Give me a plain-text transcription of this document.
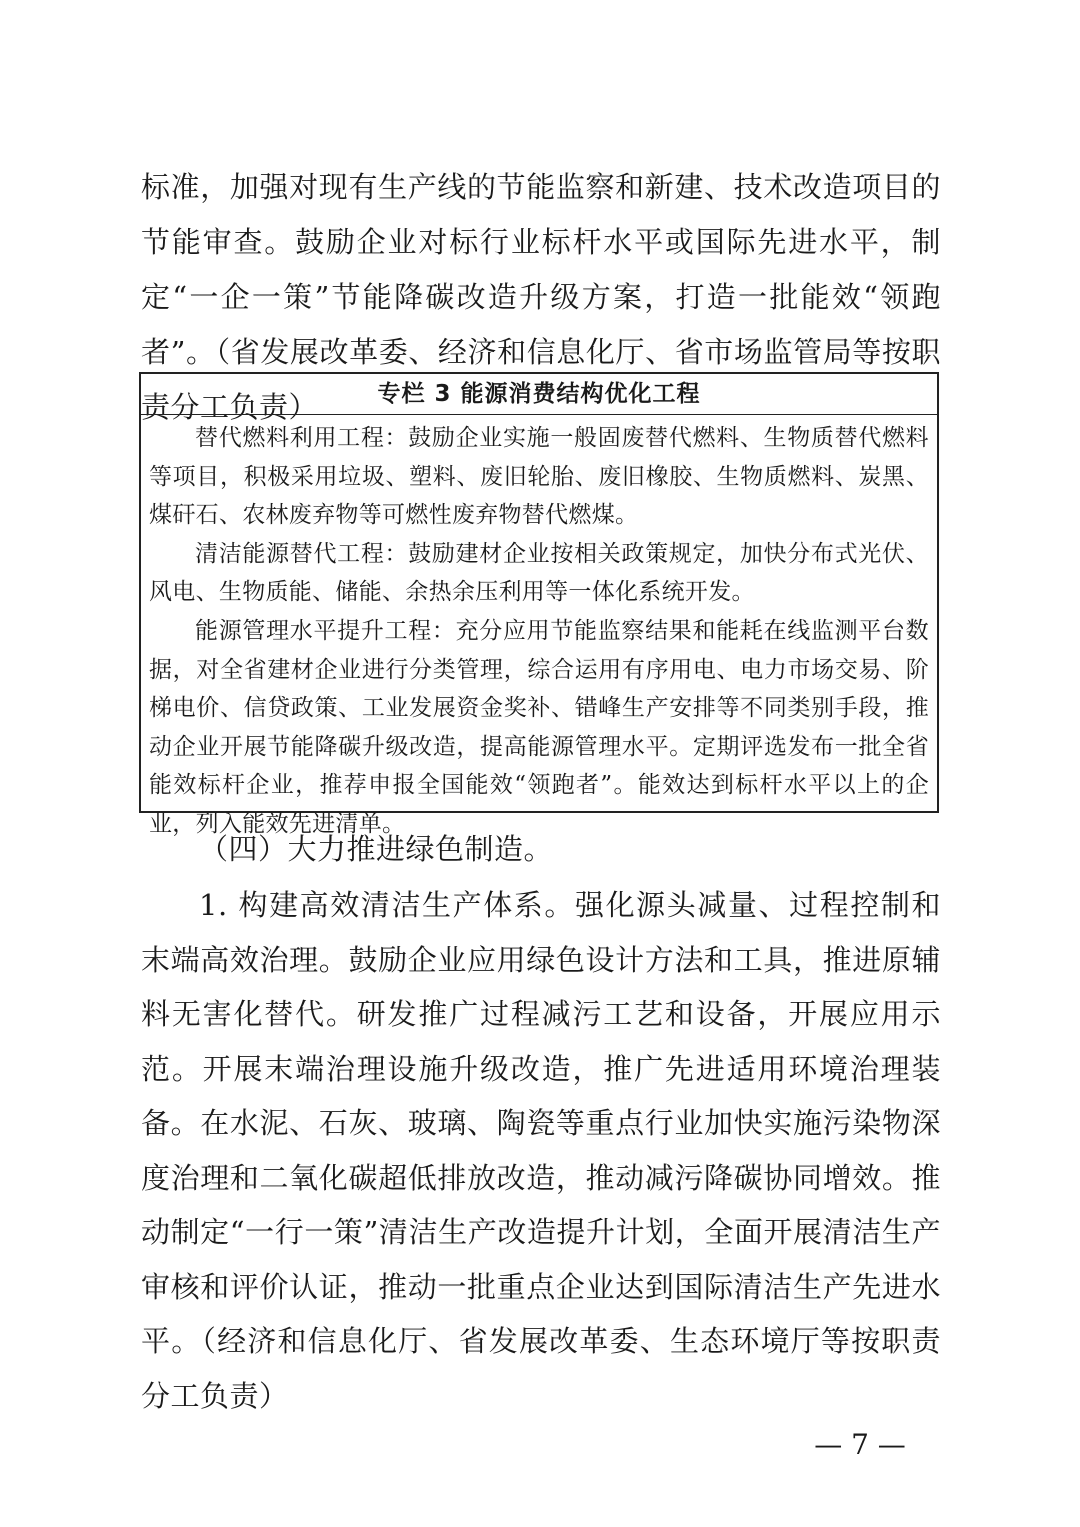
标准，加强对现有生产线的节能监察和新建、技术改造项目的节能审查。鼓励企业对标行业标杆水平或国际先进水平，制定“一企一策”节能降碳改造升级方案，打造一批能效“领跑者”。（省发展改革委、经济和信息化厅、省市场监管局等按职责分工负责）	专栏 3 能源消费结构优化工程

替代燃料利用工程：鼓励企业实施一般固废替代燃料、生物质替代燃料等项目，积极采用垃圾、塑料、废旧轮胎、废旧橡胶、生物质燃料、炭黑、煤矸石、农林废弃物等可燃性废弃物替代燃煤。

清洁能源替代工程：鼓励建材企业按相关政策规定，加快分布式光伏、风电、生物质能、储能、余热余压利用等一体化系统开发。

能源管理水平提升工程：充分应用节能监察结果和能耗在线监测平台数据，对全省建材企业进行分类管理，综合运用有序用电、电力市场交易、阶梯电价、信贷政策、工业发展资金奖补、错峰生产安排等不同类别手段，推动企业开展节能降碳升级改造，提高能源管理水平。定期评选发布一批全省能效标杆企业，推荐申报全国能效“领跑者”。能效达到标杆水平以上的企业，列入能效先进清单。

（四）大力推进绿色制造。

1. 构建高效清洁生产体系。强化源头减量、过程控制和末端高效治理。鼓励企业应用绿色设计方法和工具，推进原辅料无害化替代。研发推广过程减污工艺和设备，开展应用示范。开展末端治理设施升级改造，推广先进适用环境治理装备。在水泥、石灰、玻璃、陶瓷等重点行业加快实施污染物深度治理和二氧化碳超低排放改造，推动减污降碳协同增效。推动制定“一行一策”清洁生产改造提升计划，全面开展清洁生产审核和评价认证，推动一批重点企业达到国际清洁生产先进水平。（经济和信息化厅、省发展改革委、生态环境厅等按职责分工负责）

— 7 —
